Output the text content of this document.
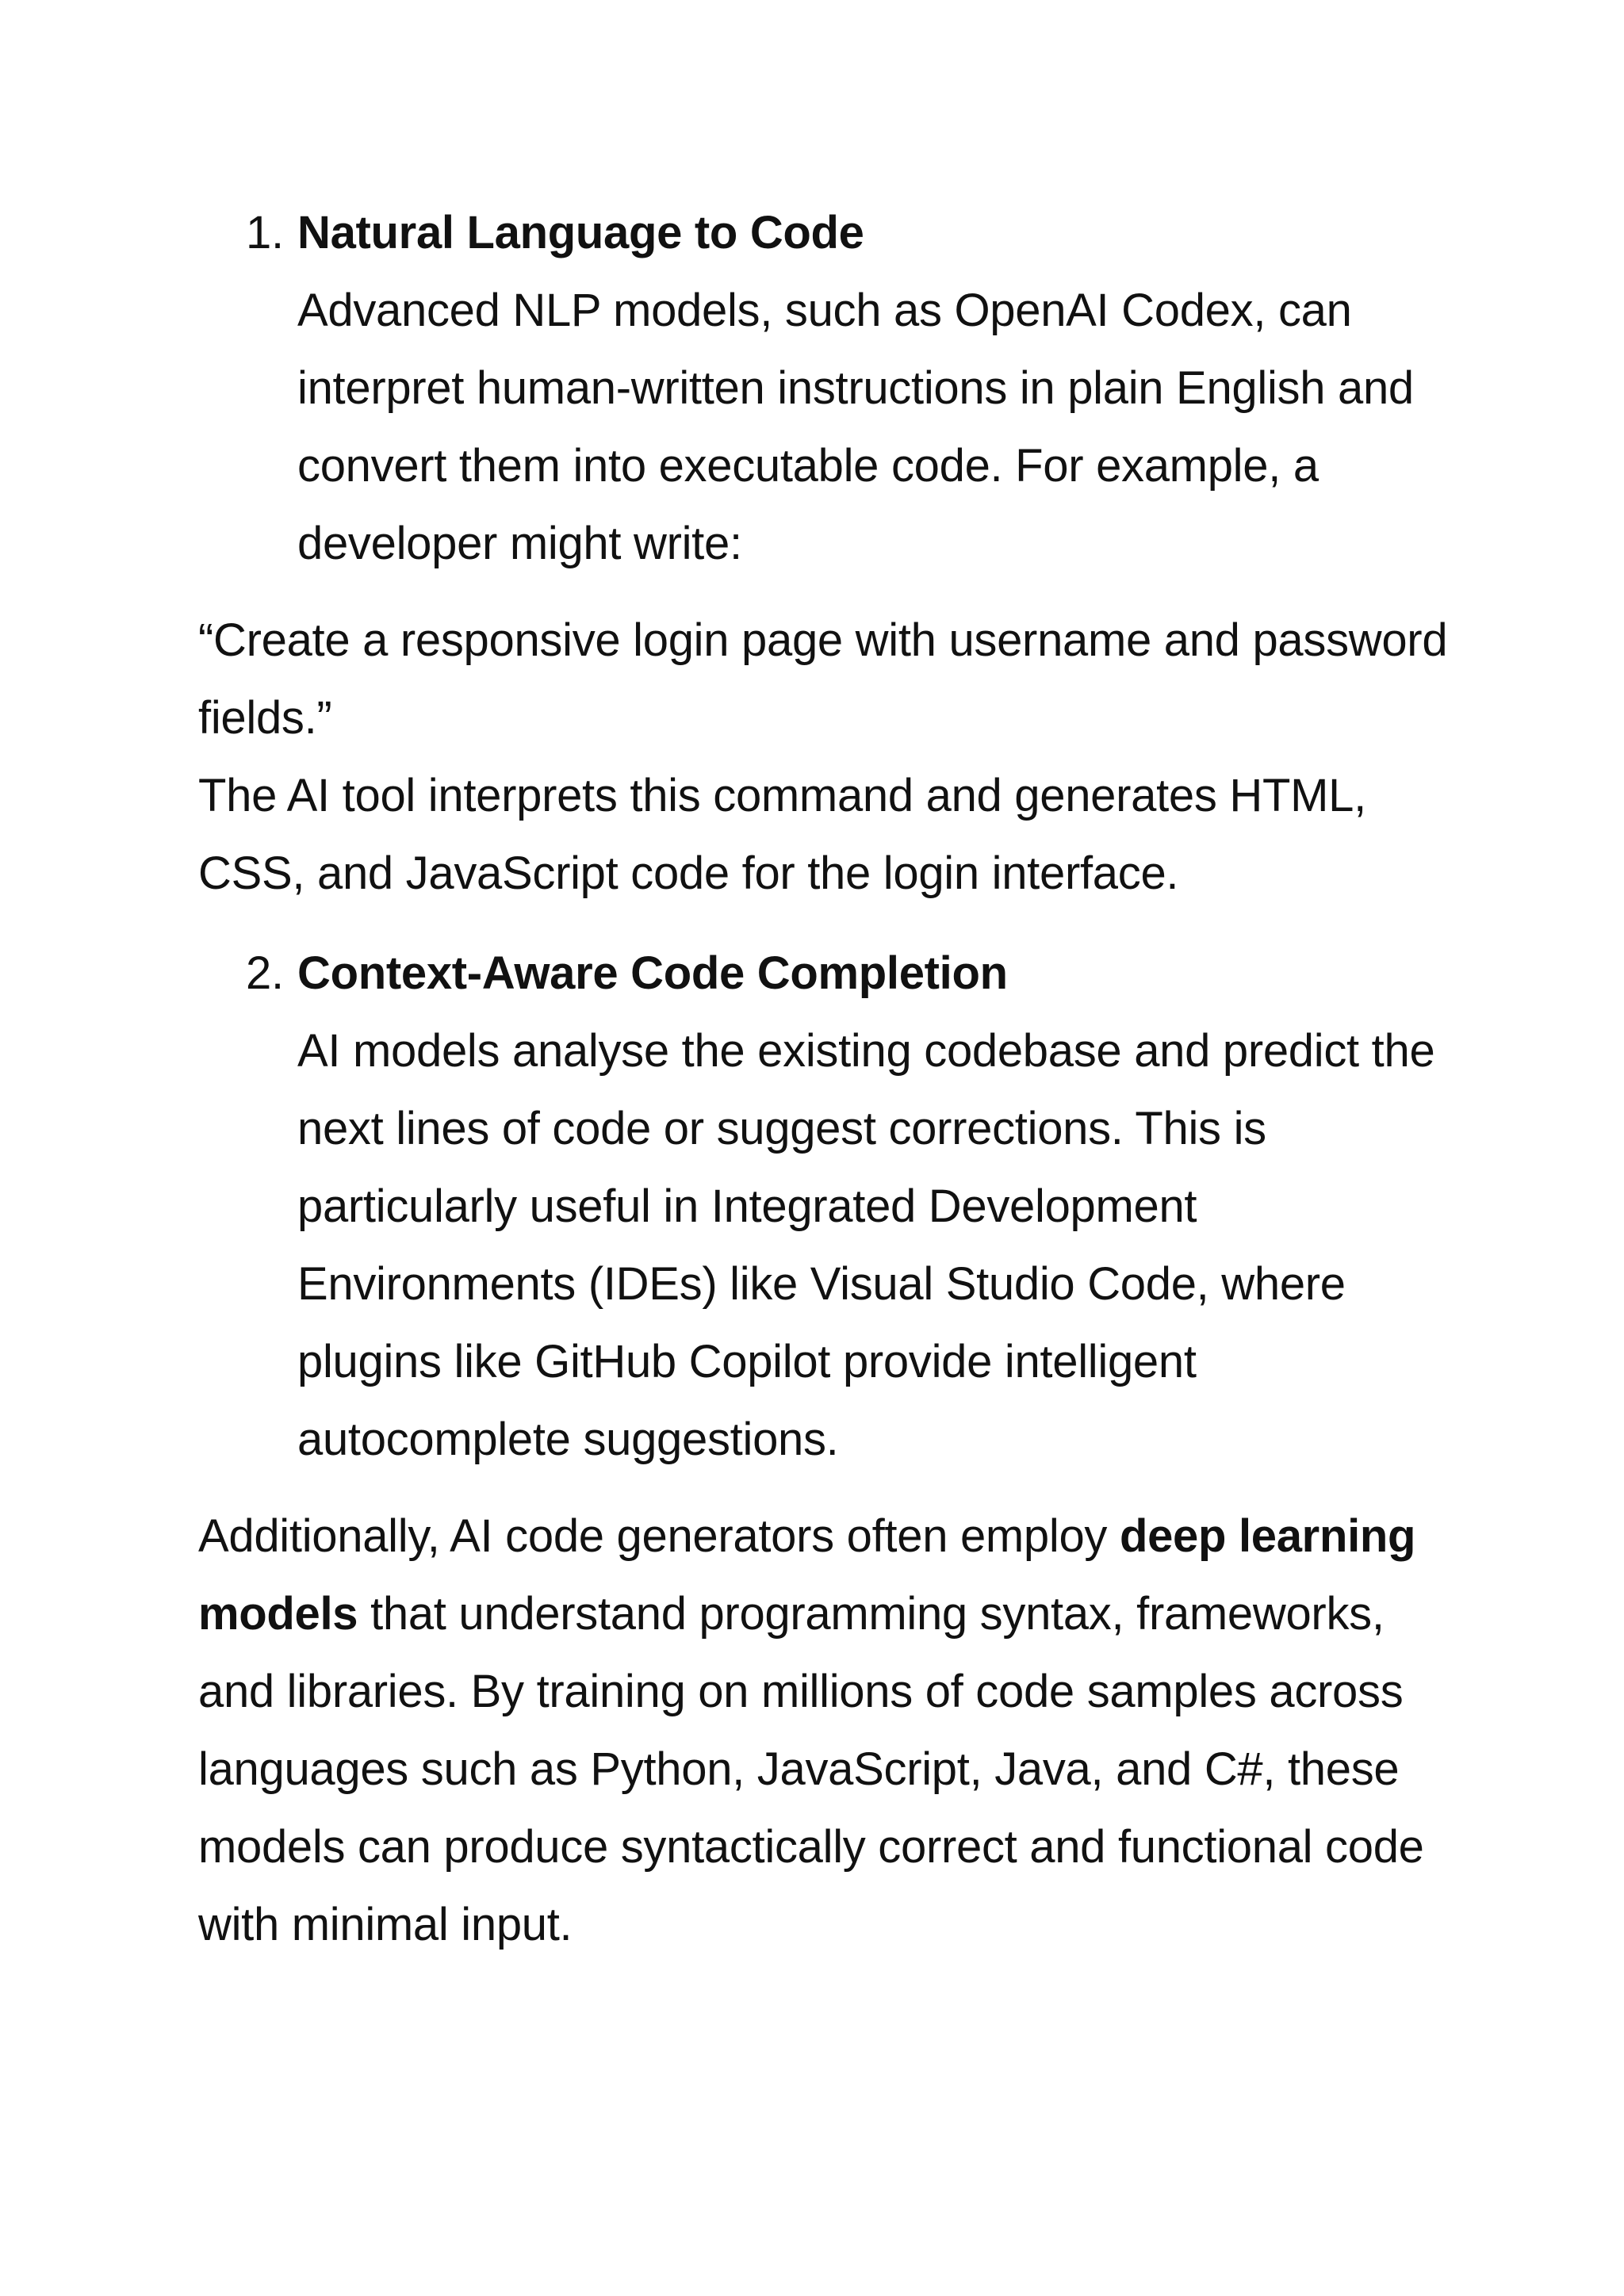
1. Natural Language to Code
Advanced NLP models, such as OpenAI Codex, can interpret human-written instructions in plain English and convert them into executable code. For example, a developer might write:

“Create a responsive login page with username and password fields.”

The AI tool interprets this command and generates HTML, CSS, and JavaScript code for the login interface.

2. Context-Aware Code Completion
AI models analyse the existing codebase and predict the next lines of code or suggest corrections. This is particularly useful in Integrated Development Environments (IDEs) like Visual Studio Code, where plugins like GitHub Copilot provide intelligent autocomplete suggestions.

Additionally, AI code generators often employ deep learning models that understand programming syntax, frameworks, and libraries. By training on millions of code samples across languages such as Python, JavaScript, Java, and C#, these models can produce syntactically correct and functional code with minimal input.
